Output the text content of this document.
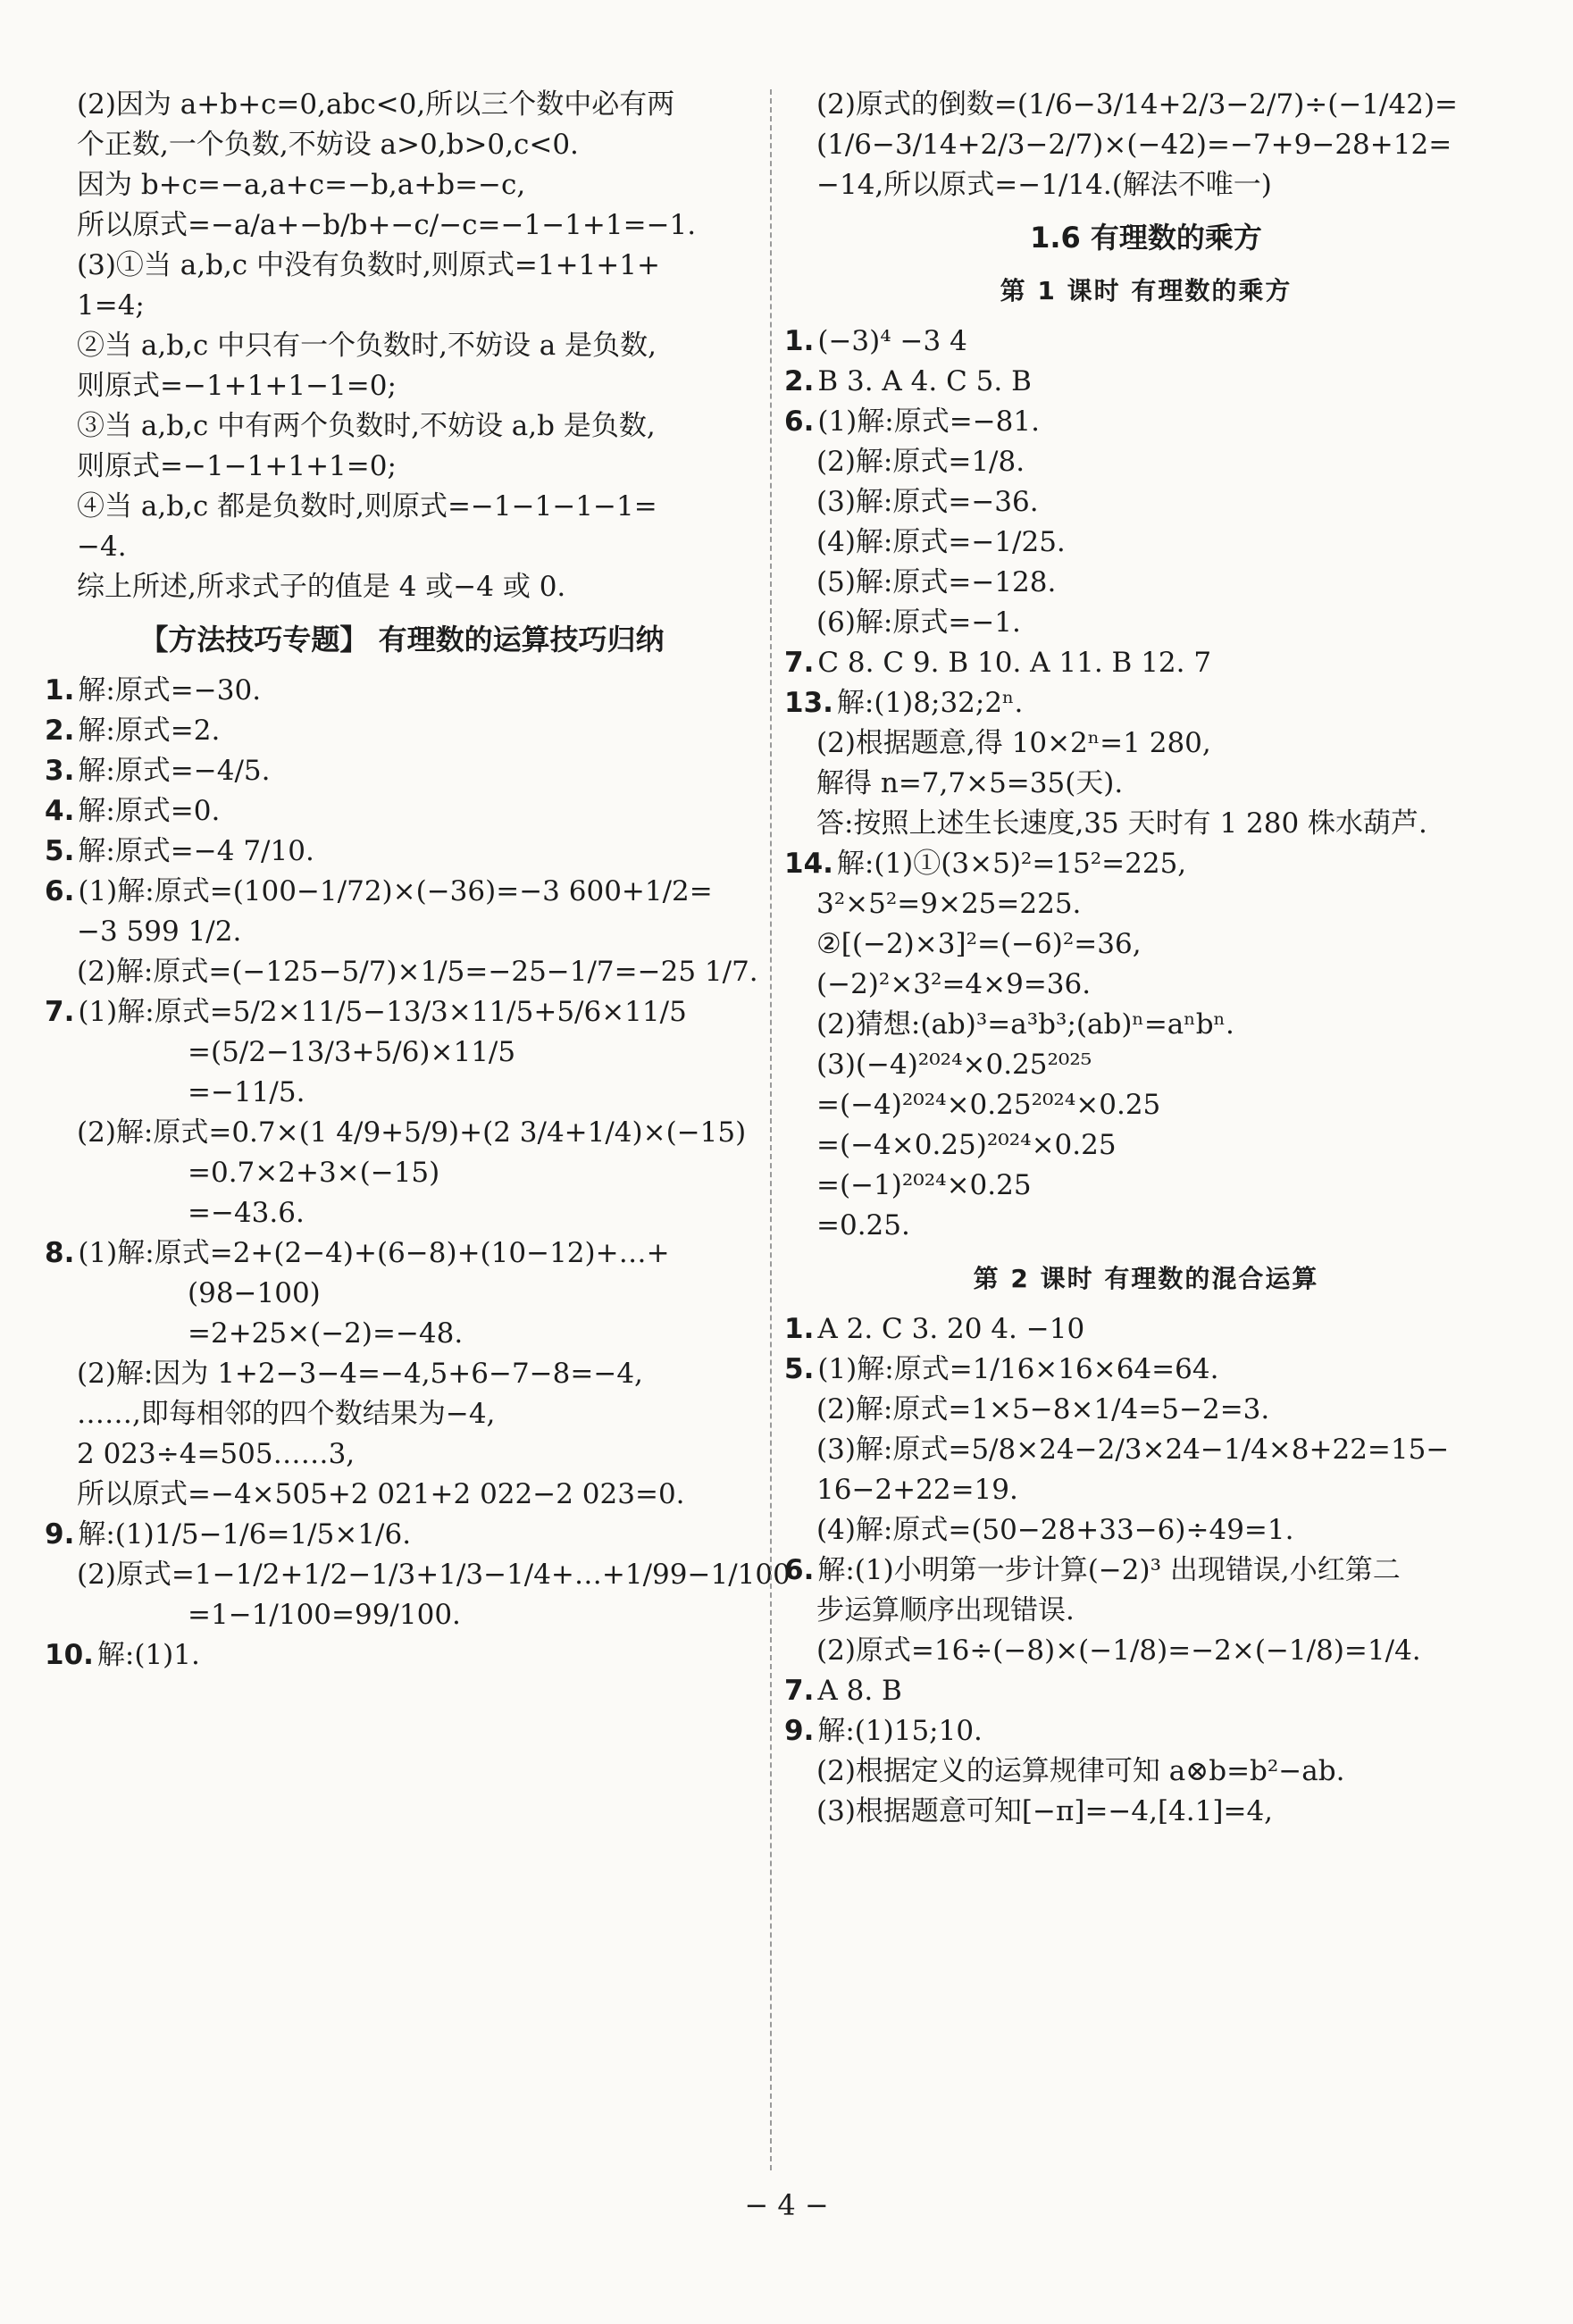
(2)因为 a+b+c=0,abc<0,所以三个数中必有两
个正数,一个负数,不妨设 a>0,b>0,c<0.
因为 b+c=−a,a+c=−b,a+b=−c,
所以原式=−a/a+−b/b+−c/−c=−1−1+1=−1.
(3)①当 a,b,c 中没有负数时,则原式=1+1+1+
1=4;
②当 a,b,c 中只有一个负数时,不妨设 a 是负数,
则原式=−1+1+1−1=0;
③当 a,b,c 中有两个负数时,不妨设 a,b 是负数,
则原式=−1−1+1+1=0;
④当 a,b,c 都是负数时,则原式=−1−1−1−1=
−4.
综上所述,所求式子的值是 4 或−4 或 0.
【方法技巧专题】 有理数的运算技巧归纳
1. 解:原式=−30.
2. 解:原式=2.
3. 解:原式=−4/5.
4. 解:原式=0.
5. 解:原式=−4 7/10.
6. (1)解:原式=(100−1/72)×(−36)=−3 600+1/2=
−3 599 1/2.
(2)解:原式=(−125−5/7)×1/5=−25−1/7=−25 1/7.
7. (1)解:原式=5/2×11/5−13/3×11/5+5/6×11/5
=(5/2−13/3+5/6)×11/5
=−11/5.
(2)解:原式=0.7×(1 4/9+5/9)+(2 3/4+1/4)×(−15)
=0.7×2+3×(−15)
=−43.6.
8. (1)解:原式=2+(2−4)+(6−8)+(10−12)+…+
(98−100)
=2+25×(−2)=−48.
(2)解:因为 1+2−3−4=−4,5+6−7−8=−4,
……,即每相邻的四个数结果为−4,
2 023÷4=505……3,
所以原式=−4×505+2 021+2 022−2 023=0.
9. 解:(1)1/5−1/6=1/5×1/6.
(2)原式=1−1/2+1/2−1/3+1/3−1/4+…+1/99−1/100
=1−1/100=99/100.
10. 解:(1)1.
(2)原式的倒数=(1/6−3/14+2/3−2/7)÷(−1/42)=
(1/6−3/14+2/3−2/7)×(−42)=−7+9−28+12=
−14,所以原式=−1/14.(解法不唯一)
1.6 有理数的乘方
第 1 课时 有理数的乘方
1. (−3)⁴ −3 4
2. B 3. A 4. C 5. B
6. (1)解:原式=−81.
(2)解:原式=1/8.
(3)解:原式=−36.
(4)解:原式=−1/25.
(5)解:原式=−128.
(6)解:原式=−1.
7. C 8. C 9. B 10. A 11. B 12. 7
13. 解:(1)8;32;2ⁿ.
(2)根据题意,得 10×2ⁿ=1 280,
解得 n=7,7×5=35(天).
答:按照上述生长速度,35 天时有 1 280 株水葫芦.
14. 解:(1)①(3×5)²=15²=225,
3²×5²=9×25=225.
②[(−2)×3]²=(−6)²=36,
(−2)²×3²=4×9=36.
(2)猜想:(ab)³=a³b³;(ab)ⁿ=aⁿbⁿ.
(3)(−4)²⁰²⁴×0.25²⁰²⁵
=(−4)²⁰²⁴×0.25²⁰²⁴×0.25
=(−4×0.25)²⁰²⁴×0.25
=(−1)²⁰²⁴×0.25
=0.25.
第 2 课时 有理数的混合运算
1. A 2. C 3. 20 4. −10
5. (1)解:原式=1/16×16×64=64.
(2)解:原式=1×5−8×1/4=5−2=3.
(3)解:原式=5/8×24−2/3×24−1/4×8+22=15−
16−2+22=19.
(4)解:原式=(50−28+33−6)÷49=1.
6. 解:(1)小明第一步计算(−2)³ 出现错误,小红第二
步运算顺序出现错误.
(2)原式=16÷(−8)×(−1/8)=−2×(−1/8)=1/4.
7. A 8. B
9. 解:(1)15;10.
(2)根据定义的运算规律可知 a⊗b=b²−ab.
(3)根据题意可知[−π]=−4,[4.1]=4,
− 4 −
